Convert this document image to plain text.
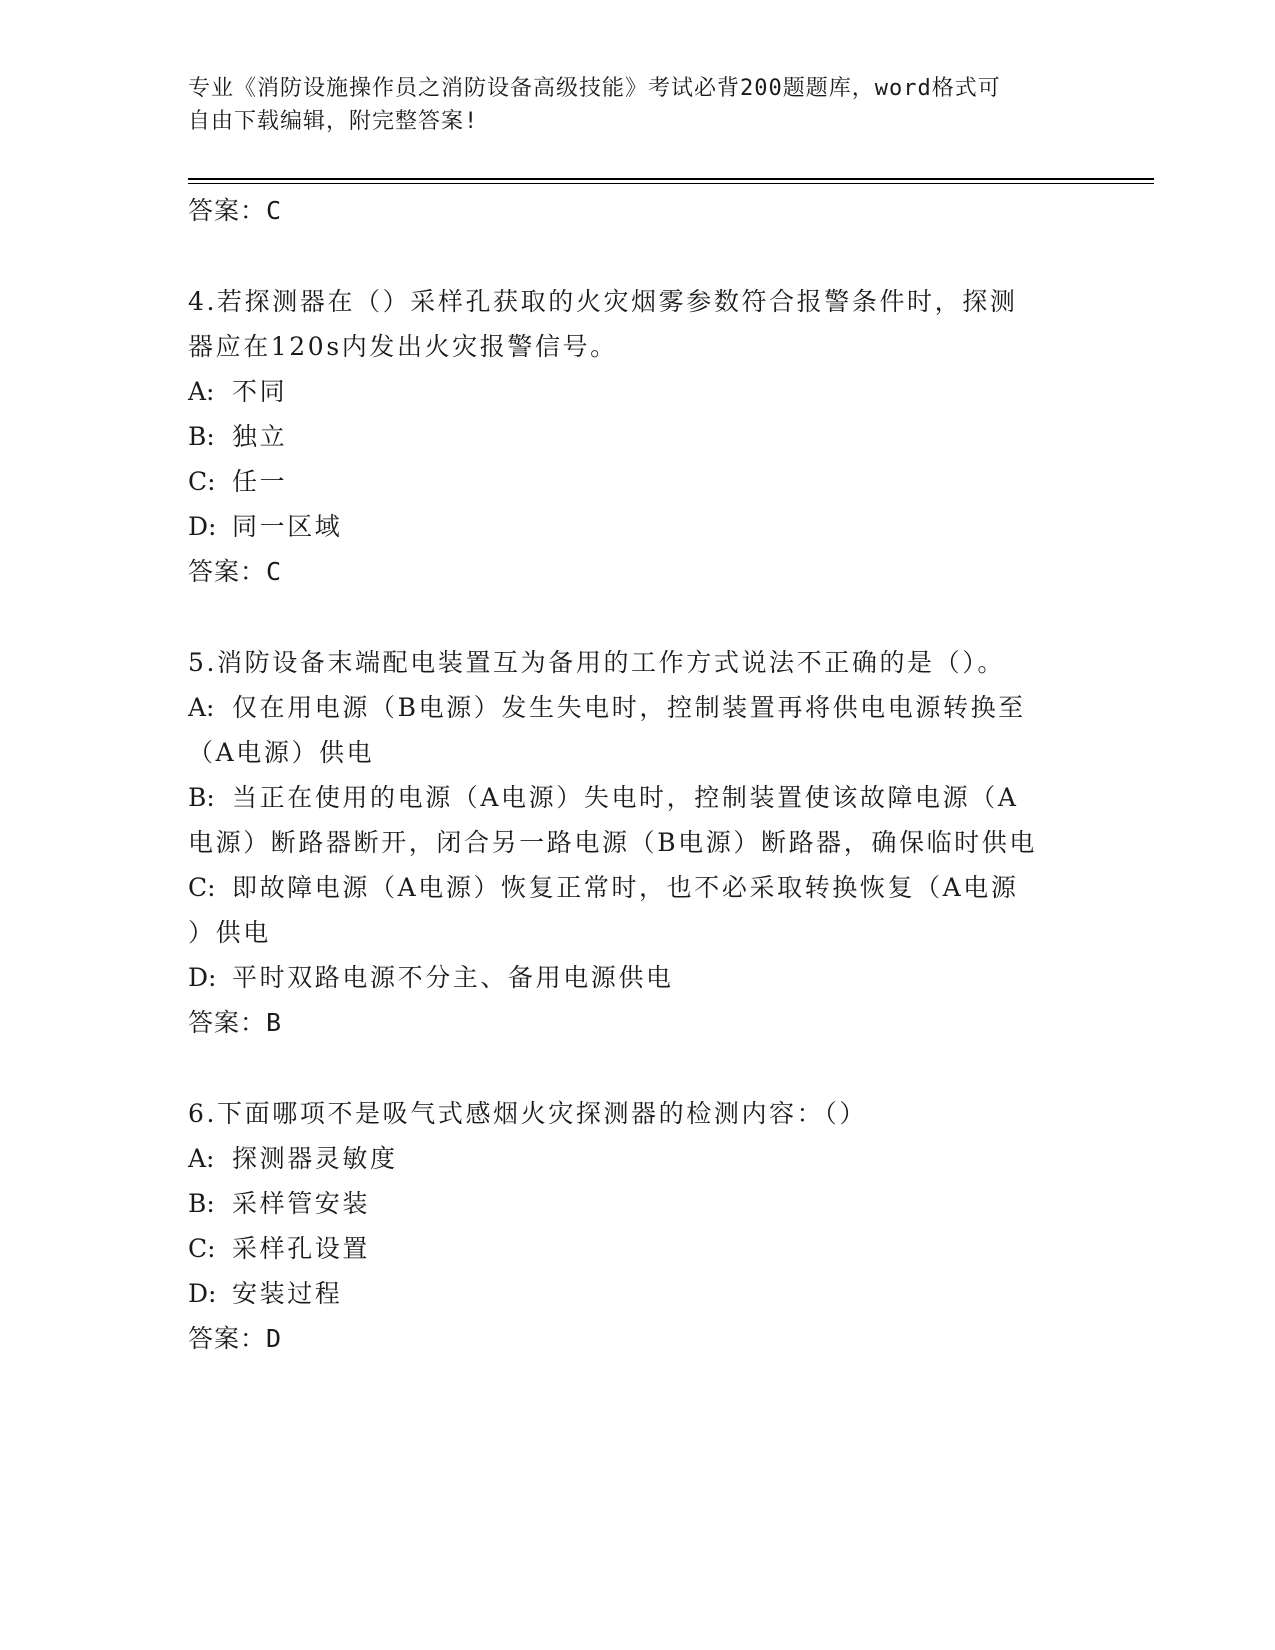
专业《消防设施操作员之消防设备高级技能》考试必背200题题库，word格式可
自由下载编辑，附完整答案!
答案：C
4.若探测器在（）采样孔获取的火灾烟雾参数符合报警条件时，探测
器应在120s内发出火灾报警信号。
A: 不同
B: 独立
C: 任一
D: 同一区域
答案：C
5.消防设备末端配电装置互为备用的工作方式说法不正确的是（）。
A: 仅在用电源（B电源）发生失电时，控制装置再将供电电源转换至
（A电源）供电
B: 当正在使用的电源（A电源）失电时，控制装置使该故障电源（A
电源）断路器断开，闭合另一路电源（B电源）断路器，确保临时供电
C: 即故障电源（A电源）恢复正常时，也不必采取转换恢复（A电源
）供电
D: 平时双路电源不分主、备用电源供电
答案：B
6.下面哪项不是吸气式感烟火灾探测器的检测内容：（）
A: 探测器灵敏度
B: 采样管安装
C: 采样孔设置
D: 安装过程
答案：D
